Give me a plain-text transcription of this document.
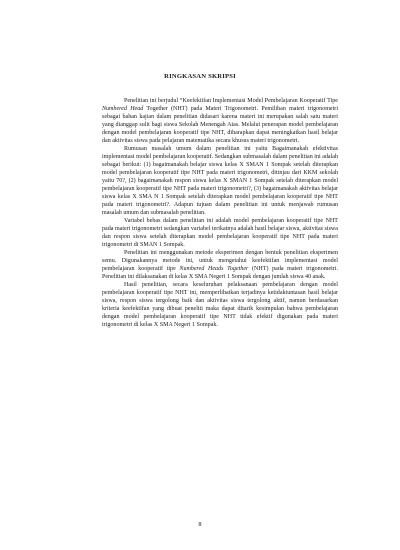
RINGKASAN SKRIPSI

Penelitian ini berjudul “Keefektifan Implementasi Model Pembelajaran Kooperatif Tipe Numbered Head Together (NHT) pada Materi Trigonometri. Pemilihan materi trigonometri sebagai bahan kajian dalam penelitian didasari karena materi ini merupakan salah satu materi yang dianggap sulit bagi siswa Sekolah Menengah Atas. Melalui penerapan model pembelajaran dengan model pembelajaran kooperatif tipe NHT, diharapkan dapat meningkatkan hasil belajar dan aktivitas siswa pada pelajaran matematika secara khusus materi trigonometri.

Rumusan masalah umum dalam penelitian ini yaitu Bagaimanakah efektivitas implementasi model pembelajaran kooperatif. Sedangkan submasalah dalam penelitian ini adalah sebagai berikut: (1) bagaimanakah belajar siswa kelas X SMAN 1 Sompak setelah diterapkan model pembelajaran kooperatif tipe NHT pada materi trigonometri, ditinjau dari KKM sekolah yaitu 70?, (2) bagaimanakah respon siswa kelas X SMAN 1 Sompak setelah diterapkan model pembelajaran kooperatif tipe NHT pada materi trigonometri?, (3) bagaimanakah aktivitas belajar siswa kelas X SMA N 1 Sompak setelah diterapkan model pembelajaran kooperatif tipe NHT pada materi trigonometri?. Adapun tujuan dalam penelitian ini untuk menjawab rumusan masalah umum dan submasalah penelitian.

Variabel bebas dalam penelitian ini adalah model pembelajaran kooperatif tipe NHT pada materi trigonometri sedangkan variabel terikatnya adalah hasil belajar siswa, aktivitas siswa dan respon siswa setelah diterapkan model pembelajaran kooperatif tipe NHT pada materi trigonometri di SMAN 1 Sompak.

Penelitian ini menggunakan metode eksperimen dengan bentuk penelitian eksperimen semu. Digunakannya metode ini, untuk mengetahui keefektifan implementasi model pembelajaran kooperatif tipe Numbered Heads Together (NHT) pada materi trigonometri. Penelitian ini dilaksanakan di kelas X SMA Negeri 1 Sompak dengan jumlah siswa 40 anak.

Hasil penelitian, secara keseluruhan pelaksanaan pembelajaran dengan model pembelajaran kooperatif tipe NHT ini, memperlihatkan terjadinya ketidaktuntasan hasil belajar siswa, respon siswa tergolong baik dan aktivitas siswa tergolong aktif, namun berdasarkan kriteria keefektifan yang dibuat peneliti maka dapat ditarik kesimpulan bahwa pembelajaran dengan model pembelajaran kooperatif tipe NHT tidak efektif digunakan pada materi trigonometri di kelas X SMA Negeri 1 Sompak.

8
